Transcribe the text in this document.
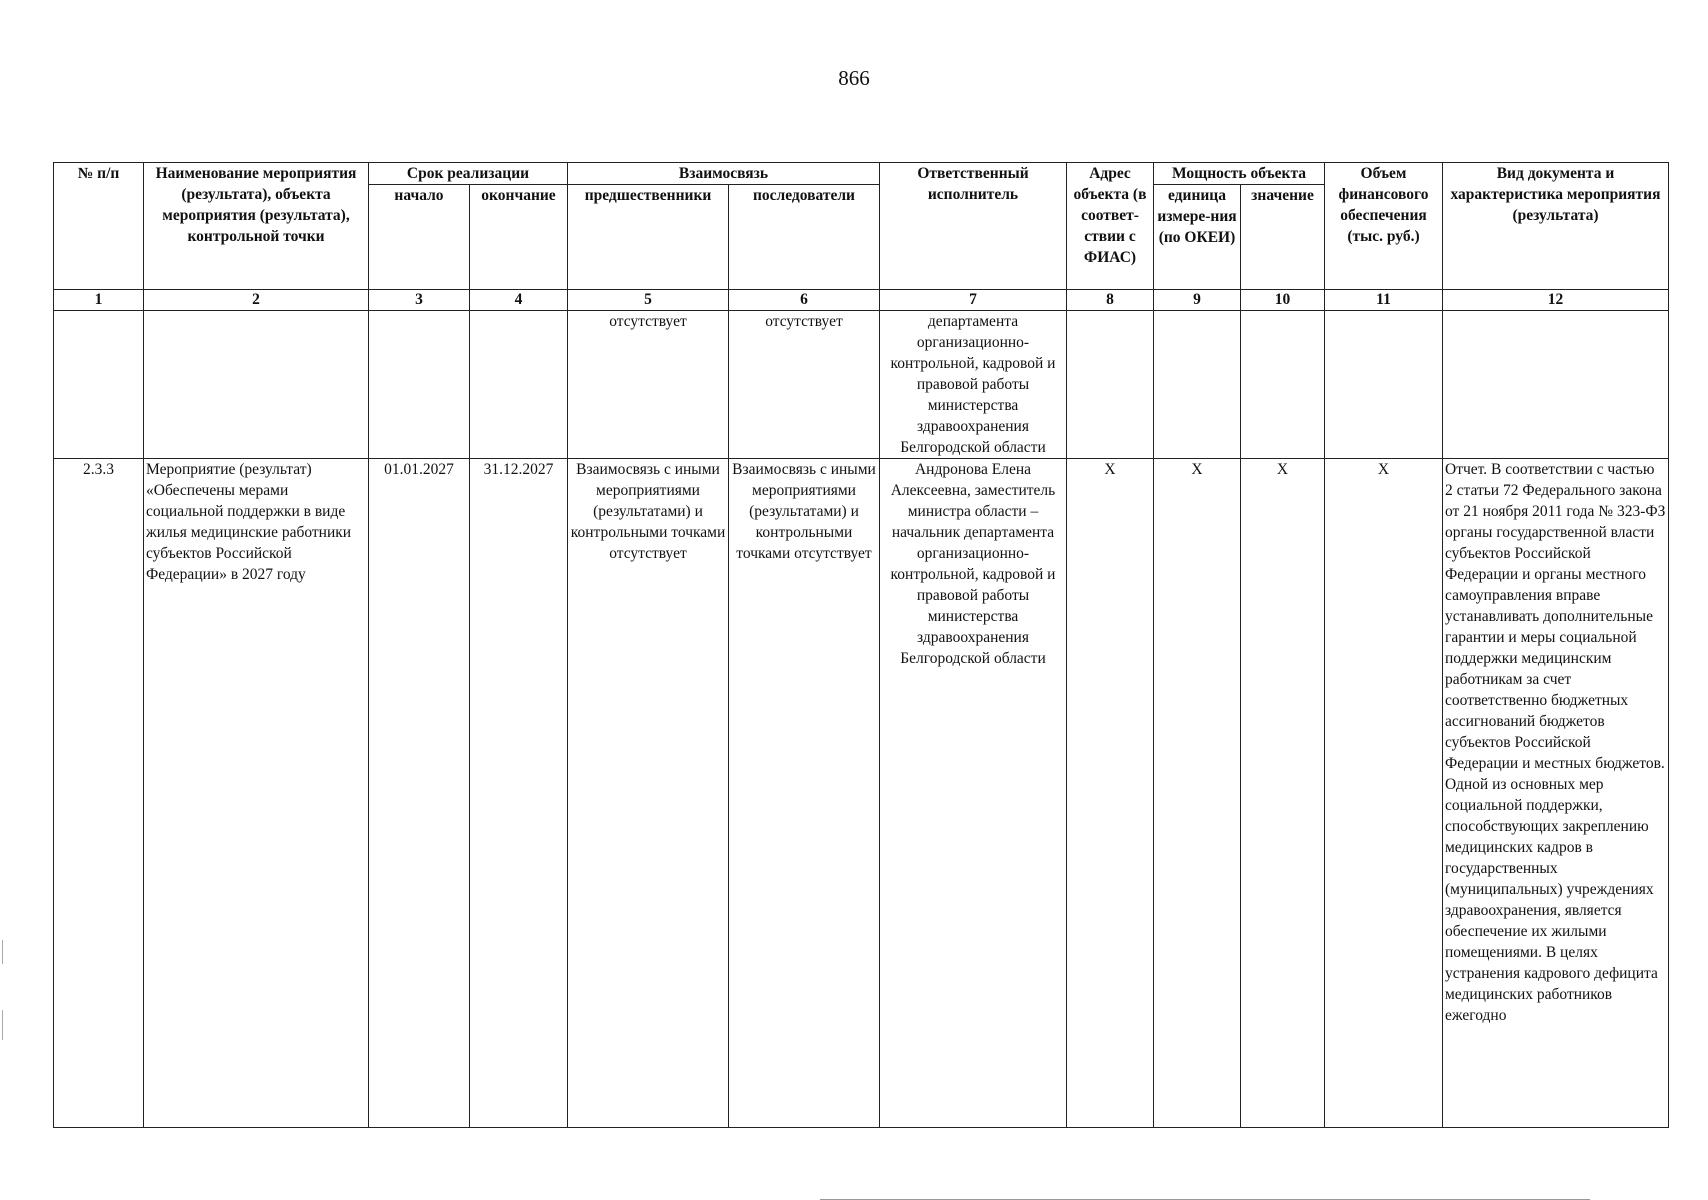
866
№ п/п	Наименование мероприятия (результата), объекта мероприятия (результата), контрольной точки	Срок реализации		Взаимосвязь		Ответственный исполнитель	Адрес объекта (в соответ-ствии с ФИАС)	Мощность объекта		Объем финансового обеспечения (тыс. руб.)	Вид документа и характеристика мероприятия (результата)
		начало	окончание	предшественники	последователи			единица измере-ния (по ОКЕИ)	значение		
1	2	3	4	5	6	7	8	9	10	11	12
				отсутствует	отсутствует	департамента организационно-контрольной, кадровой и правовой работы министерства здравоохранения Белгородской области					
2.3.3	Мероприятие (результат) «Обеспечены мерами социальной поддержки в виде жилья медицинские работники субъектов Российской Федерации» в 2027 году	01.01.2027	31.12.2027	Взаимосвязь с иными мероприятиями (результатами) и контрольными точками отсутствует	Взаимосвязь с иными мероприятиями (результатами) и контрольными точками отсутствует	Андронова Елена Алексеевна, заместитель министра области – начальник департамента организационно-контрольной, кадровой и правовой работы министерства здравоохранения Белгородской области	Х	Х	Х	Х	Отчет. В соответствии с частью 2 статьи 72 Федерального закона от 21 ноября 2011 года № 323-ФЗ органы государственной власти субъектов Российской Федерации и органы местного самоуправления вправе устанавливать дополнительные гарантии и меры социальной поддержки медицинским работникам за счет соответственно бюджетных ассигнований бюджетов субъектов Российской Федерации и местных бюджетов. Одной из основных мер социальной поддержки, способствующих закреплению медицинских кадров в государственных (муниципальных) учреждениях здравоохранения, является обеспечение их жилыми помещениями. В целях устранения кадрового дефицита медицинских работников ежегодно
